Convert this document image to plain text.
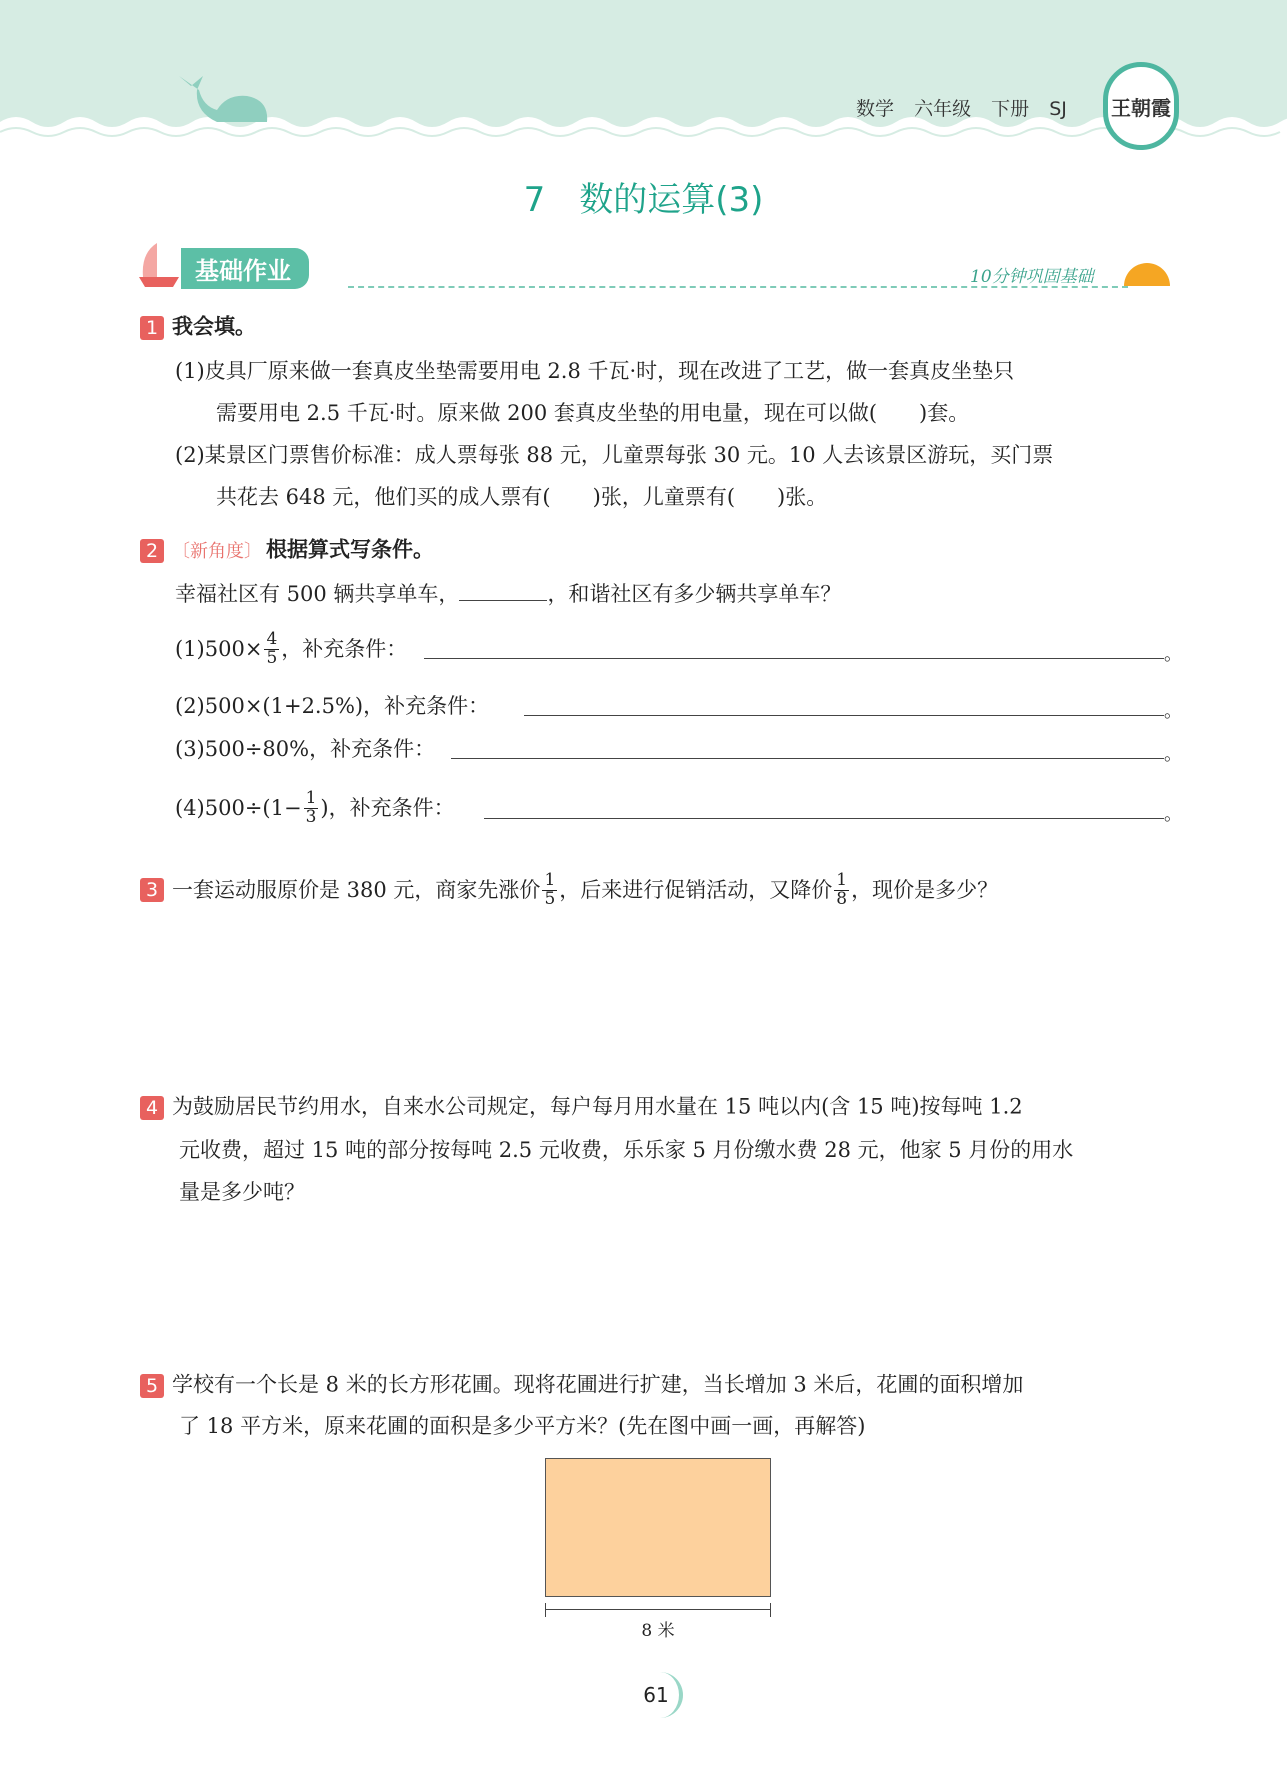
数学 六年级 下册 SJ 王朝霞
7　数的运算(3)
基础作业	10分钟巩固基础
1 我会填。
(1)皮具厂原来做一套真皮坐垫需要用电 2.8 千瓦·时，现在改进了工艺，做一套真皮坐垫只
需要用电 2.5 千瓦·时。原来做 200 套真皮坐垫的用电量，现在可以做(　　)套。
(2)某景区门票售价标准：成人票每张 88 元，儿童票每张 30 元。10 人去该景区游玩，买门票
共花去 648 元，他们买的成人票有(　　)张，儿童票有(　　)张。
2 〔新角度〕 根据算式写条件。
幸福社区有 500 辆共享单车，	，和谐社区有多少辆共享单车？
$(1)500\times \frac{4}{5}$ ，补充条件：	。
(2)500×(1+2.5%)，补充条件：	。
(3)500÷80%，补充条件：	。
$(4)500\div(1- \frac{1}{3}$ )，补充条件：	。
3 一套运动服原价是 380 元，商家先涨价 $\frac{1}{5}$ ，后来进行促销活动，又降价 $\frac{1}{8}$ ，现价是多少？
4 为鼓励居民节约用水，自来水公司规定，每户每月用水量在 15 吨以内(含 15 吨)按每吨 1.2
元收费，超过 15 吨的部分按每吨 2.5 元收费，乐乐家 5 月份缴水费 28 元，他家 5 月份的用水
量是多少吨？
5 学校有一个长是 8 米的长方形花圃。现将花圃进行扩建，当长增加 3 米后，花圃的面积增加
了 18 平方米，原来花圃的面积是多少平方米？(先在图中画一画，再解答)
8 米
61
